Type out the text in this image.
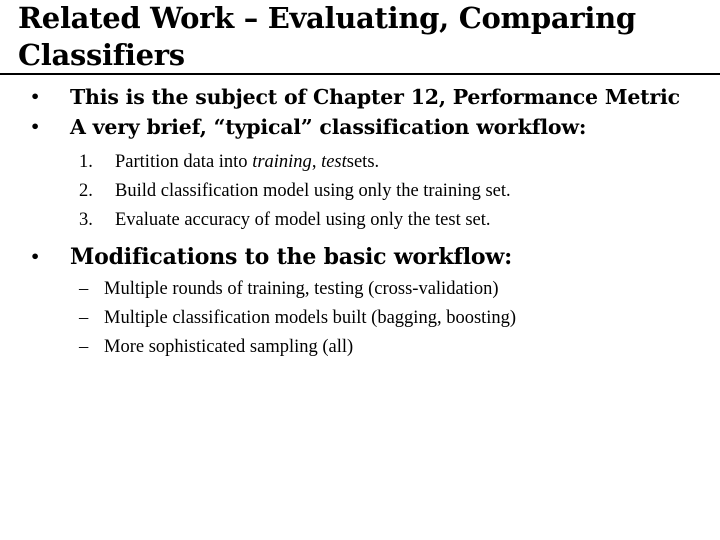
Related Work – Evaluating, Comparing
Classifiers
• This is the subject of Chapter 12, Performance Metric
• A very brief, “typical” classification workflow:
1. Partition data into training, testsets.
2. Build classification model using only the training set.
3. Evaluate accuracy of model using only the test set.
• Modifications to the basic workflow:
– Multiple rounds of training, testing (cross-validation)
– Multiple classification models built (bagging, boosting)
– More sophisticated sampling (all)
